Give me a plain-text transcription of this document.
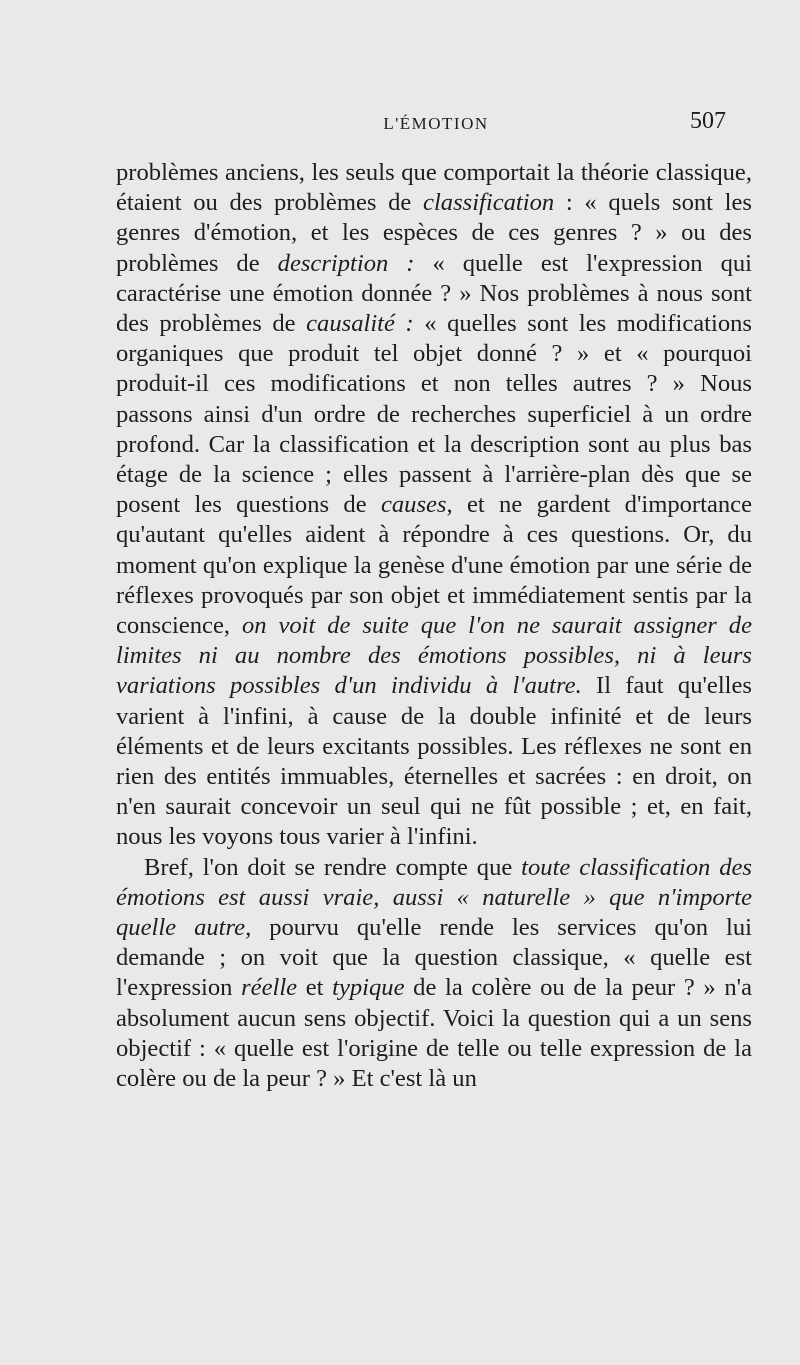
L'ÉMOTION	507

problèmes anciens, les seuls que comportait la théorie classique, étaient ou des problèmes de classification : « quels sont les genres d'émotion, et les espèces de ces genres ? » ou des problèmes de description : « quelle est l'expression qui caractérise une émotion donnée ? » Nos problèmes à nous sont des problèmes de causalité : « quelles sont les modifications organiques que produit tel objet donné ? » et « pourquoi produit-il ces modifications et non telles autres ? » Nous passons ainsi d'un ordre de recherches superficiel à un ordre profond. Car la classification et la description sont au plus bas étage de la science ; elles passent à l'arrière-plan dès que se posent les questions de causes, et ne gardent d'importance qu'autant qu'elles aident à répondre à ces questions. Or, du moment qu'on explique la genèse d'une émotion par une série de réflexes provoqués par son objet et immédiatement sentis par la conscience, on voit de suite que l'on ne saurait assigner de limites ni au nombre des émotions possibles, ni à leurs variations possibles d'un individu à l'autre. Il faut qu'elles varient à l'infini, à cause de la double infinité et de leurs éléments et de leurs excitants possibles. Les réflexes ne sont en rien des entités immuables, éternelles et sacrées : en droit, on n'en saurait concevoir un seul qui ne fût possible ; et, en fait, nous les voyons tous varier à l'infini.

Bref, l'on doit se rendre compte que toute classification des émotions est aussi vraie, aussi « naturelle » que n'importe quelle autre, pourvu qu'elle rende les services qu'on lui demande ; on voit que la question classique, « quelle est l'expression réelle et typique de la colère ou de la peur ? » n'a absolument aucun sens objectif. Voici la question qui a un sens objectif : « quelle est l'origine de telle ou telle expression de la colère ou de la peur ? » Et c'est là un
